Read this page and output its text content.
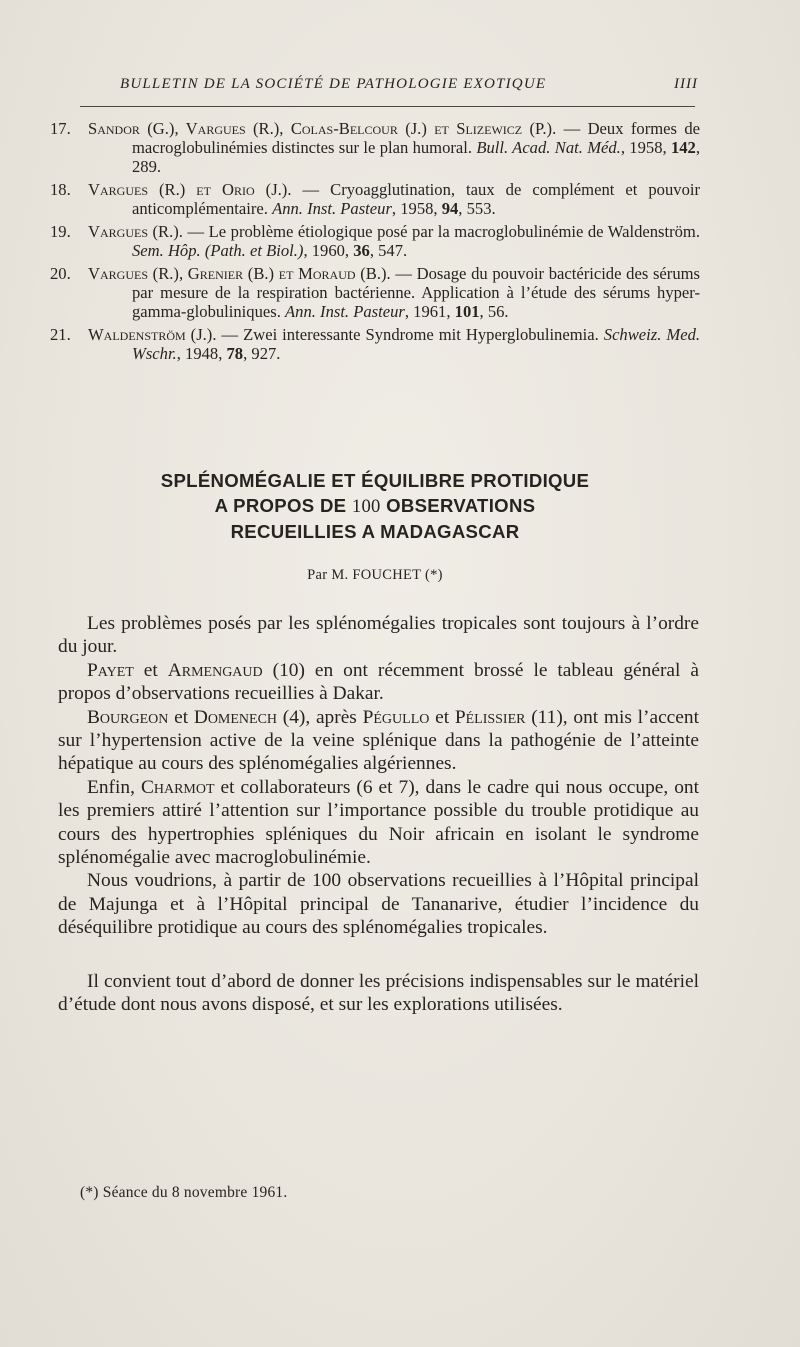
BULLETIN DE LA SOCIÉTÉ DE PATHOLOGIE EXOTIQUE	IIII
17. Sandor (G.), Vargues (R.), Colas-Belcour (J.) et Slizewicz (P.). — Deux formes de macroglobulinémies distinctes sur le plan humoral. Bull. Acad. Nat. Méd., 1958, 142, 289.
18. Vargues (R.) et Orio (J.). — Cryoagglutination, taux de complément et pouvoir anticomplémentaire. Ann. Inst. Pasteur, 1958, 94, 553.
19. Vargues (R.). — Le problème étiologique posé par la macroglobulinémie de Waldenström. Sem. Hôp. (Path. et Biol.), 1960, 36, 547.
20. Vargues (R.), Grenier (B.) et Moraud (B.). — Dosage du pouvoir bactéricide des sérums par mesure de la respiration bactérienne. Application à l’étude des sérums hyper-gamma-globuliniques. Ann. Inst. Pasteur, 1961, 101, 56.
21. Waldenström (J.). — Zwei interessante Syndrome mit Hyperglobulinemia. Schweiz. Med. Wschr., 1948, 78, 927.
SPLÉNOMÉGALIE ET ÉQUILIBRE PROTIDIQUE
A PROPOS DE 100 OBSERVATIONS
RECUEILLIES A MADAGASCAR
Par M. FOUCHET (*)

Les problèmes posés par les splénomégalies tropicales sont toujours à l’ordre du jour.

Payet et Armengaud (10) en ont récemment brossé le tableau général à propos d’observations recueillies à Dakar.

Bourgeon et Domenech (4), après Pégullo et Pélissier (11), ont mis l’accent sur l’hypertension active de la veine splénique dans la pathogénie de l’atteinte hépatique au cours des splénomégalies algériennes.

Enfin, Charmot et collaborateurs (6 et 7), dans le cadre qui nous occupe, ont les premiers attiré l’attention sur l’importance possible du trouble protidique au cours des hypertrophies spléniques du Noir africain en isolant le syndrome splénomégalie avec macroglobulinémie.

Nous voudrions, à partir de 100 observations recueillies à l’Hôpital principal de Majunga et à l’Hôpital principal de Tananarive, étudier l’incidence du déséquilibre protidique au cours des splénomégalies tropicales.

Il convient tout d’abord de donner les précisions indispensables sur le matériel d’étude dont nous avons disposé, et sur les explorations utilisées.

(*) Séance du 8 novembre 1961.
